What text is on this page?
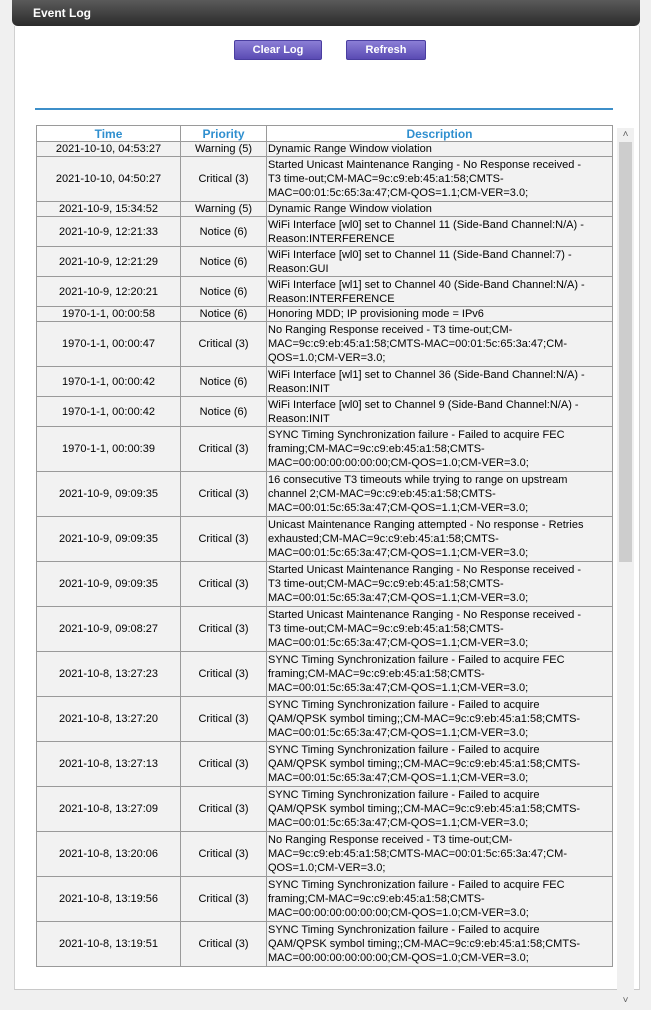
Event Log
Clear Log	Refresh
Time	Priority	Description
2021-10-10, 04:53:27	Warning (5)	Dynamic Range Window violation

2021-10-10, 04:50:27	Critical (3)	Started Unicast Maintenance Ranging - No Response received -
T3 time-out;CM-MAC=9c:c9:eb:45:a1:58;CMTS-
MAC=00:01:5c:65:3a:47;CM-QOS=1.1;CM-VER=3.0;

2021-10-9, 15:34:52	Warning (5)	Dynamic Range Window violation

2021-10-9, 12:21:33	Notice (6)	WiFi Interface [wl0] set to Channel 11 (Side-Band Channel:N/A) -
Reason:INTERFERENCE

2021-10-9, 12:21:29	Notice (6)	WiFi Interface [wl0] set to Channel 11 (Side-Band Channel:7) -
Reason:GUI

2021-10-9, 12:20:21	Notice (6)	WiFi Interface [wl1] set to Channel 40 (Side-Band Channel:N/A) -
Reason:INTERFERENCE

1970-1-1, 00:00:58	Notice (6)	Honoring MDD; IP provisioning mode = IPv6

1970-1-1, 00:00:47	Critical (3)	No Ranging Response received - T3 time-out;CM-
MAC=9c:c9:eb:45:a1:58;CMTS-MAC=00:01:5c:65:3a:47;CM-
QOS=1.0;CM-VER=3.0;

1970-1-1, 00:00:42	Notice (6)	WiFi Interface [wl1] set to Channel 36 (Side-Band Channel:N/A) -
Reason:INIT

1970-1-1, 00:00:42	Notice (6)	WiFi Interface [wl0] set to Channel 9 (Side-Band Channel:N/A) -
Reason:INIT

1970-1-1, 00:00:39	Critical (3)	SYNC Timing Synchronization failure - Failed to acquire FEC
framing;CM-MAC=9c:c9:eb:45:a1:58;CMTS-
MAC=00:00:00:00:00:00;CM-QOS=1.0;CM-VER=3.0;

2021-10-9, 09:09:35	Critical (3)	16 consecutive T3 timeouts while trying to range on upstream
channel 2;CM-MAC=9c:c9:eb:45:a1:58;CMTS-
MAC=00:01:5c:65:3a:47;CM-QOS=1.1;CM-VER=3.0;

2021-10-9, 09:09:35	Critical (3)	Unicast Maintenance Ranging attempted - No response - Retries
exhausted;CM-MAC=9c:c9:eb:45:a1:58;CMTS-
MAC=00:01:5c:65:3a:47;CM-QOS=1.1;CM-VER=3.0;

2021-10-9, 09:09:35	Critical (3)	Started Unicast Maintenance Ranging - No Response received -
T3 time-out;CM-MAC=9c:c9:eb:45:a1:58;CMTS-
MAC=00:01:5c:65:3a:47;CM-QOS=1.1;CM-VER=3.0;

2021-10-9, 09:08:27	Critical (3)	Started Unicast Maintenance Ranging - No Response received -
T3 time-out;CM-MAC=9c:c9:eb:45:a1:58;CMTS-
MAC=00:01:5c:65:3a:47;CM-QOS=1.1;CM-VER=3.0;

2021-10-8, 13:27:23	Critical (3)	SYNC Timing Synchronization failure - Failed to acquire FEC
framing;CM-MAC=9c:c9:eb:45:a1:58;CMTS-
MAC=00:01:5c:65:3a:47;CM-QOS=1.1;CM-VER=3.0;

2021-10-8, 13:27:20	Critical (3)	SYNC Timing Synchronization failure - Failed to acquire
QAM/QPSK symbol timing;;CM-MAC=9c:c9:eb:45:a1:58;CMTS-
MAC=00:01:5c:65:3a:47;CM-QOS=1.1;CM-VER=3.0;

2021-10-8, 13:27:13	Critical (3)	SYNC Timing Synchronization failure - Failed to acquire
QAM/QPSK symbol timing;;CM-MAC=9c:c9:eb:45:a1:58;CMTS-
MAC=00:01:5c:65:3a:47;CM-QOS=1.1;CM-VER=3.0;

2021-10-8, 13:27:09	Critical (3)	SYNC Timing Synchronization failure - Failed to acquire
QAM/QPSK symbol timing;;CM-MAC=9c:c9:eb:45:a1:58;CMTS-
MAC=00:01:5c:65:3a:47;CM-QOS=1.1;CM-VER=3.0;

2021-10-8, 13:20:06	Critical (3)	No Ranging Response received - T3 time-out;CM-
MAC=9c:c9:eb:45:a1:58;CMTS-MAC=00:01:5c:65:3a:47;CM-
QOS=1.0;CM-VER=3.0;

2021-10-8, 13:19:56	Critical (3)	SYNC Timing Synchronization failure - Failed to acquire FEC
framing;CM-MAC=9c:c9:eb:45:a1:58;CMTS-
MAC=00:00:00:00:00:00;CM-QOS=1.0;CM-VER=3.0;

2021-10-8, 13:19:51	Critical (3)	SYNC Timing Synchronization failure - Failed to acquire
QAM/QPSK symbol timing;;CM-MAC=9c:c9:eb:45:a1:58;CMTS-
MAC=00:00:00:00:00:00;CM-QOS=1.0;CM-VER=3.0;
˄
˅
